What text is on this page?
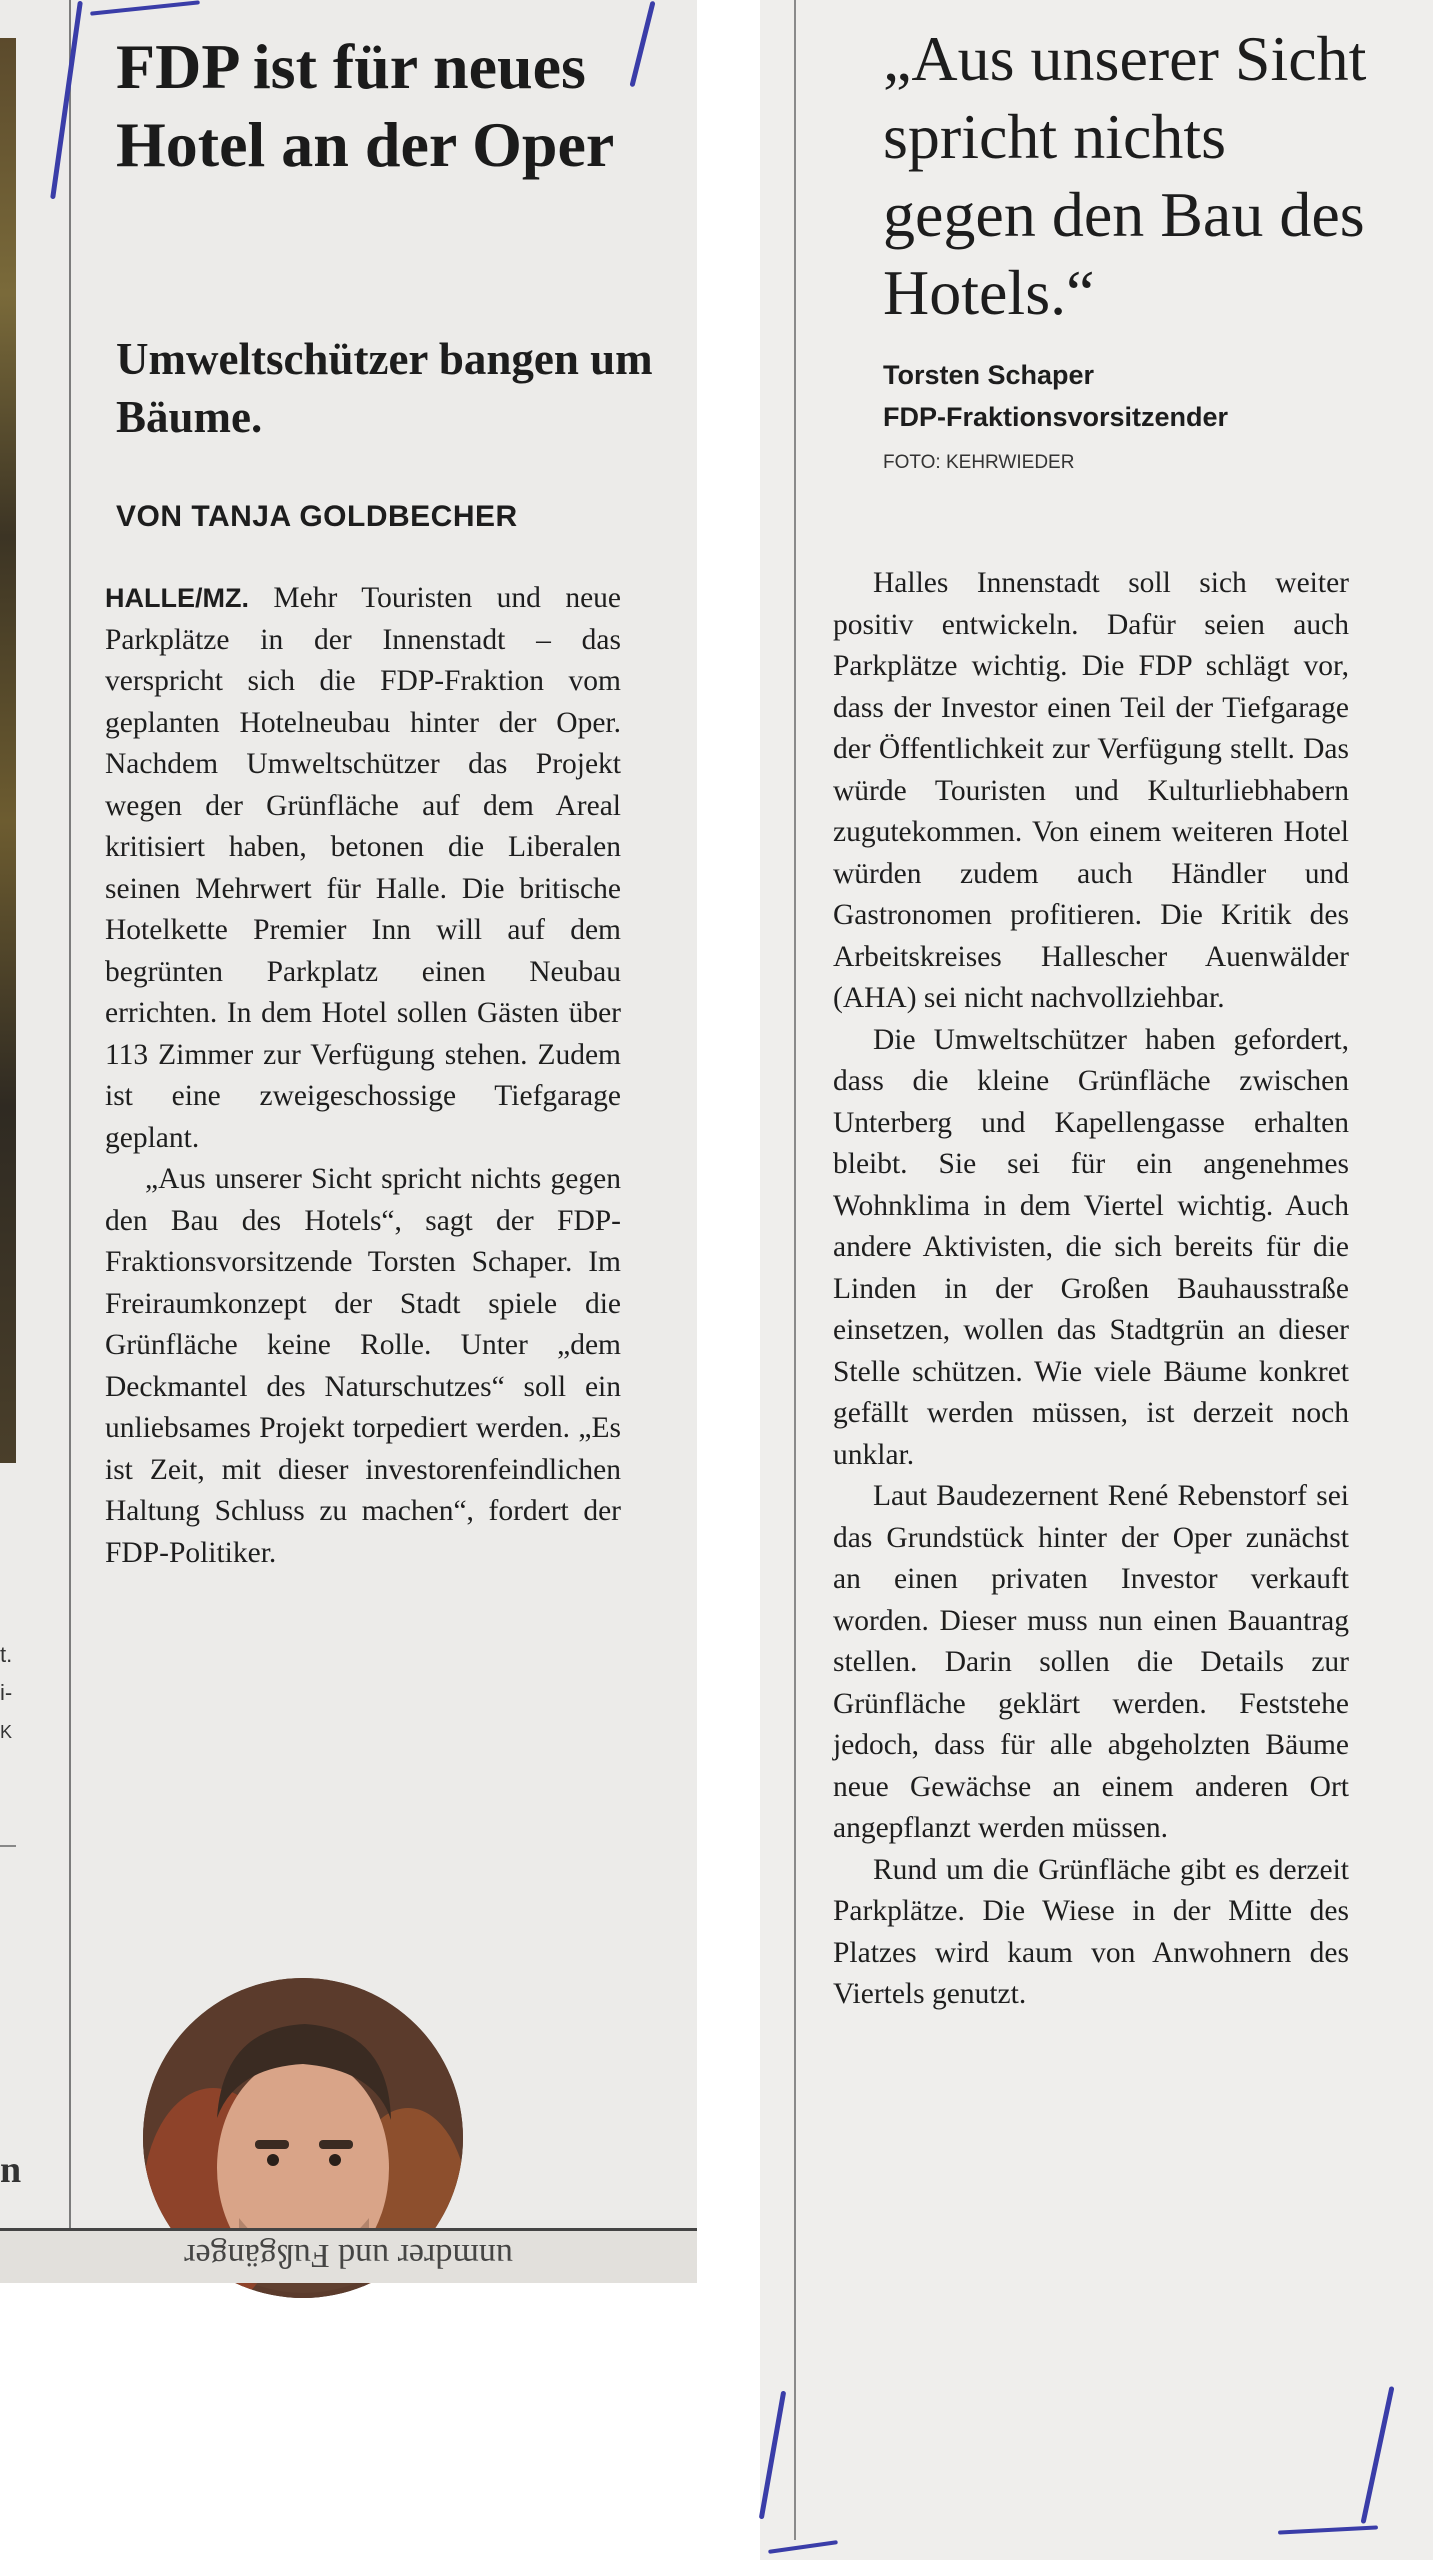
t.
i-
K
n
FDP ist für neues Hotel an der Oper
Umweltschützer bangen um Bäume.
VON TANJA GOLDBECHER

HALLE/MZ. Mehr Touristen und neue Parkplätze in der Innenstadt – das verspricht sich die FDP-Fraktion vom geplanten Hotelneubau hinter der Oper. Nachdem Umweltschützer das Projekt wegen der Grünfläche auf dem Areal kritisiert haben, betonen die Liberalen seinen Mehrwert für Halle. Die britische Hotelkette Premier Inn will auf dem begrünten Parkplatz einen Neubau errichten. In dem Hotel sollen Gästen über 113 Zimmer zur Verfügung stehen. Zudem ist eine zweigeschossige Tiefgarage geplant.

„Aus unserer Sicht spricht nichts gegen den Bau des Hotels“, sagt der FDP-Fraktionsvorsitzende Torsten Schaper. Im Freiraumkonzept der Stadt spiele die Grünfläche keine Rolle. Unter „dem Deckmantel des Naturschutzes“ soll ein unliebsames Projekt torpediert werden. „Es ist Zeit, mit dieser investorenfeindlichen Haltung Schluss zu machen“, fordert der FDP-Politiker.

unmdrer und Fußgänger
„Aus unserer Sicht spricht nichts gegen den Bau des Hotels.“
Torsten Schaper
FDP-Fraktionsvorsitzender
FOTO: KEHRWIEDER

Halles Innenstadt soll sich weiter positiv entwickeln. Dafür seien auch Parkplätze wichtig. Die FDP schlägt vor, dass der Investor einen Teil der Tiefgarage der Öffentlichkeit zur Verfügung stellt. Das würde Touristen und Kulturliebhabern zugutekommen. Von einem weiteren Hotel würden zudem auch Händler und Gastronomen profitieren. Die Kritik des Arbeitskreises Hallescher Auenwälder (AHA) sei nicht nachvollziehbar.

Die Umweltschützer haben gefordert, dass die kleine Grünfläche zwischen Unterberg und Kapellengasse erhalten bleibt. Sie sei für ein angenehmes Wohnklima in dem Viertel wichtig. Auch andere Aktivisten, die sich bereits für die Linden in der Großen Bauhausstraße einsetzen, wollen das Stadtgrün an dieser Stelle schützen. Wie viele Bäume konkret gefällt werden müssen, ist derzeit noch unklar.

Laut Baudezernent René Rebenstorf sei das Grundstück hinter der Oper zunächst an einen privaten Investor verkauft worden. Dieser muss nun einen Bauantrag stellen. Darin sollen die Details zur Grünfläche geklärt werden. Feststehe jedoch, dass für alle abgeholzten Bäume neue Gewächse an einem anderen Ort angepflanzt werden müssen.

Rund um die Grünfläche gibt es derzeit Parkplätze. Die Wiese in der Mitte des Platzes wird kaum von Anwohnern des Viertels genutzt.
